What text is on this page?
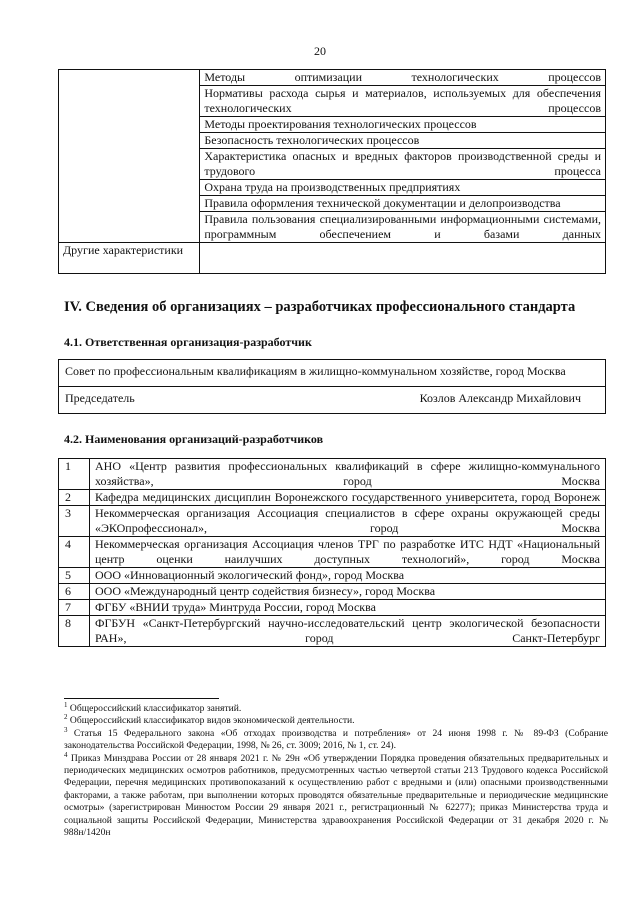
20
	Методы оптимизации технологических процессов
	Нормативы расхода сырья и материалов, используемых для обеспечения технологических процессов
	Методы проектирования технологических процессов
	Безопасность технологических процессов
	Характеристика опасных и вредных факторов производственной среды и трудового процесса
	Охрана труда на производственных предприятиях
	Правила оформления технической документации и делопроизводства
	Правила пользования специализированными информационными системами, программным обеспечением и базами данных
Другие характеристики	
IV. Сведения об организациях – разработчиках профессионального стандарта
4.1. Ответственная организация-разработчик
Совет по профессиональным квалификациям в жилищно-коммунальном хозяйстве, город Москва

Председатель	Козлов Александр Михайлович
4.2. Наименования организаций-разработчиков
1	АНО «Центр развития профессиональных квалификаций в сфере жилищно-коммунального хозяйства», город Москва
2	Кафедра медицинских дисциплин Воронежского государственного университета, город Воронеж
3	Некоммерческая организация Ассоциация специалистов в сфере охраны окружающей среды «ЭКОпрофессионал», город Москва
4	Некоммерческая организация Ассоциация членов ТРГ по разработке ИТС НДТ «Национальный центр оценки наилучших доступных технологий», город Москва
5	ООО «Инновационный экологический фонд», город Москва
6	ООО «Международный центр содействия бизнесу», город Москва
7	ФГБУ «ВНИИ труда» Минтруда России, город Москва
8	ФГБУН «Санкт-Петербургский научно-исследовательский центр экологической безопасности РАН», город Санкт-Петербург

$^1$ Общероссийский классификатор занятий.

$^2$ Общероссийский классификатор видов экономической деятельности.

$^3$ Статья 15 Федерального закона «Об отходах производства и потребления» от 24 июня 1998 г. № 89-ФЗ (Собрание законодательства Российской Федерации, 1998, № 26, ст. 3009; 2016, № 1, ст. 24).

$^4$ Приказ Минздрава России от 28 января 2021 г. № 29н «Об утверждении Порядка проведения обязательных предварительных и периодических медицинских осмотров работников, предусмотренных частью четвертой статьи 213 Трудового кодекса Российской Федерации, перечня медицинских противопоказаний к осуществлению работ с вредными и (или) опасными производственными факторами, а также работам, при выполнении которых проводятся обязательные предварительные и периодические медицинские осмотры» (зарегистрирован Минюстом России 29 января 2021 г., регистрационный № 62277); приказ Министерства труда и социальной защиты Российской Федерации, Министерства здравоохранения Российской Федерации от 31 декабря 2020 г. № 988н/1420н
